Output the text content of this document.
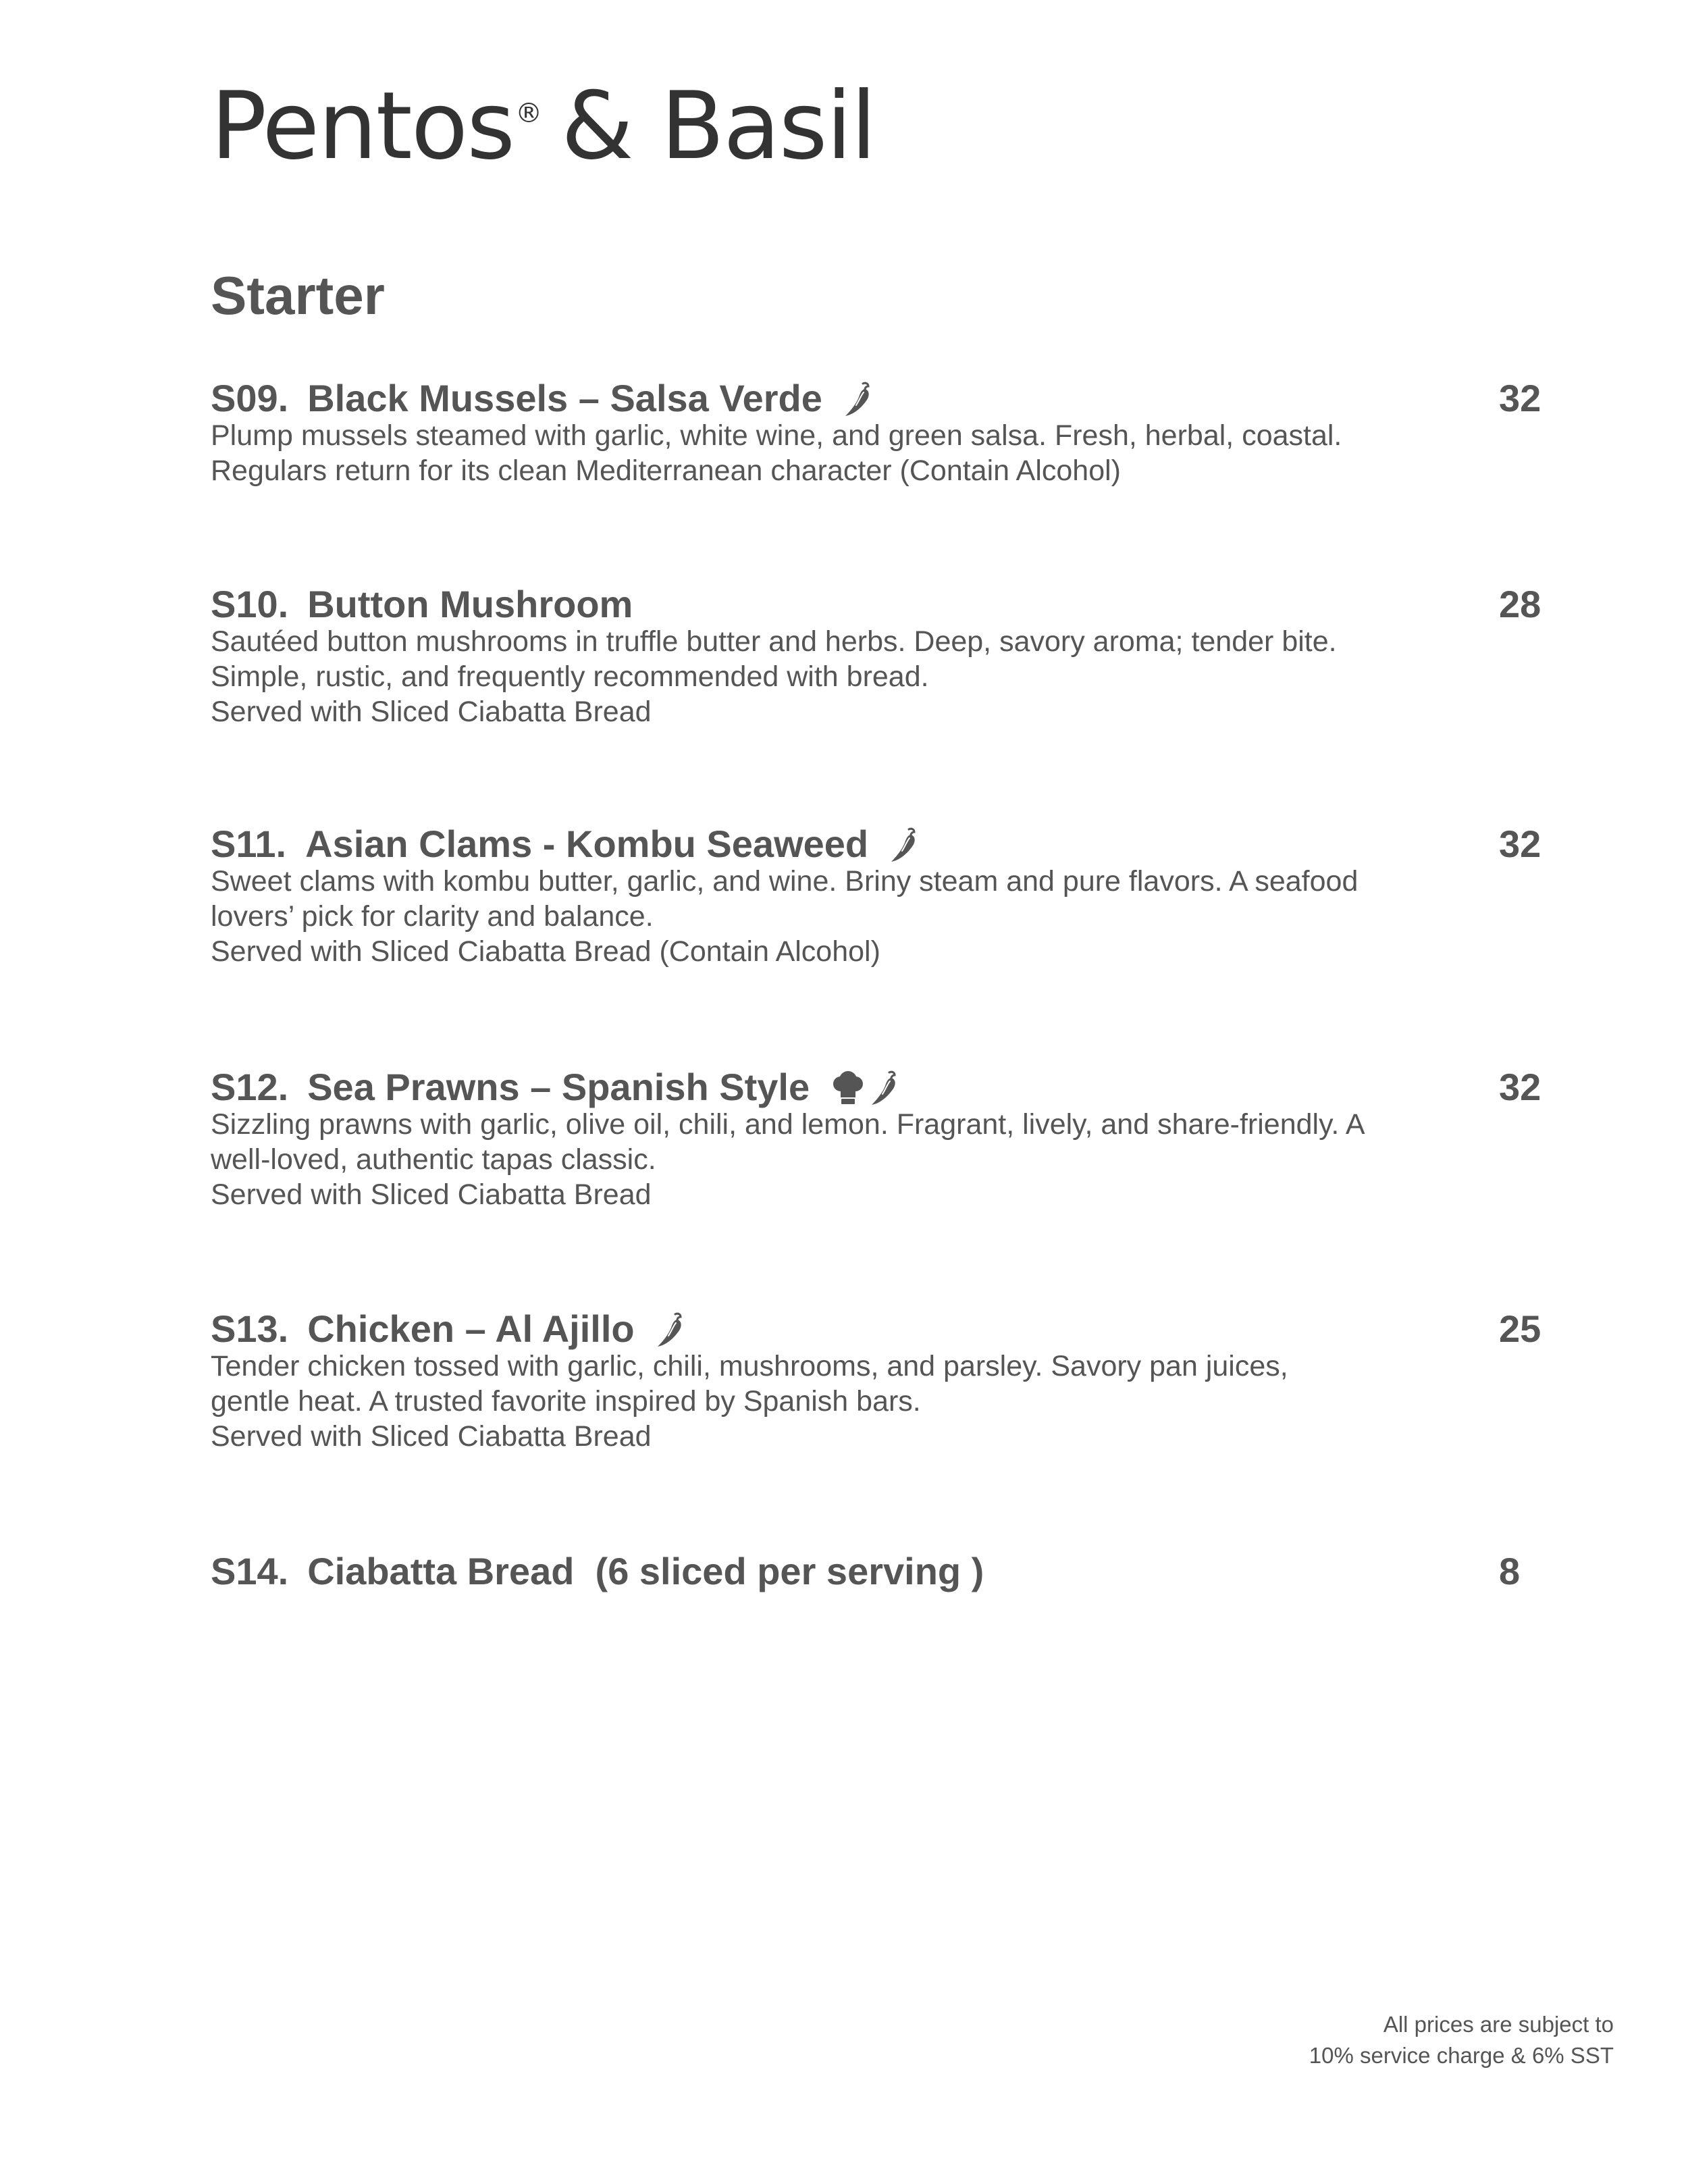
Pentos® & Basil
Starter
S09. Black Mussels – Salsa Verde	32
Plump mussels steamed with garlic, white wine, and green salsa. Fresh, herbal, coastal.
Regulars return for its clean Mediterranean character (Contain Alcohol)
S10. Button Mushroom	28
Sautéed button mushrooms in truffle butter and herbs. Deep, savory aroma; tender bite.
Simple, rustic, and frequently recommended with bread.
Served with Sliced Ciabatta Bread
S11. Asian Clams - Kombu Seaweed	32
Sweet clams with kombu butter, garlic, and wine. Briny steam and pure flavors. A seafood
lovers’ pick for clarity and balance.
Served with Sliced Ciabatta Bread (Contain Alcohol)
S12. Sea Prawns – Spanish Style	32
Sizzling prawns with garlic, olive oil, chili, and lemon. Fragrant, lively, and share-friendly. A
well-loved, authentic tapas classic.
Served with Sliced Ciabatta Bread
S13. Chicken – Al Ajillo	25
Tender chicken tossed with garlic, chili, mushrooms, and parsley. Savory pan juices,
gentle heat. A trusted favorite inspired by Spanish bars.
Served with Sliced Ciabatta Bread
S14. Ciabatta Bread  (6 sliced per serving )	8
All prices are subject to
10% service charge & 6% SST
